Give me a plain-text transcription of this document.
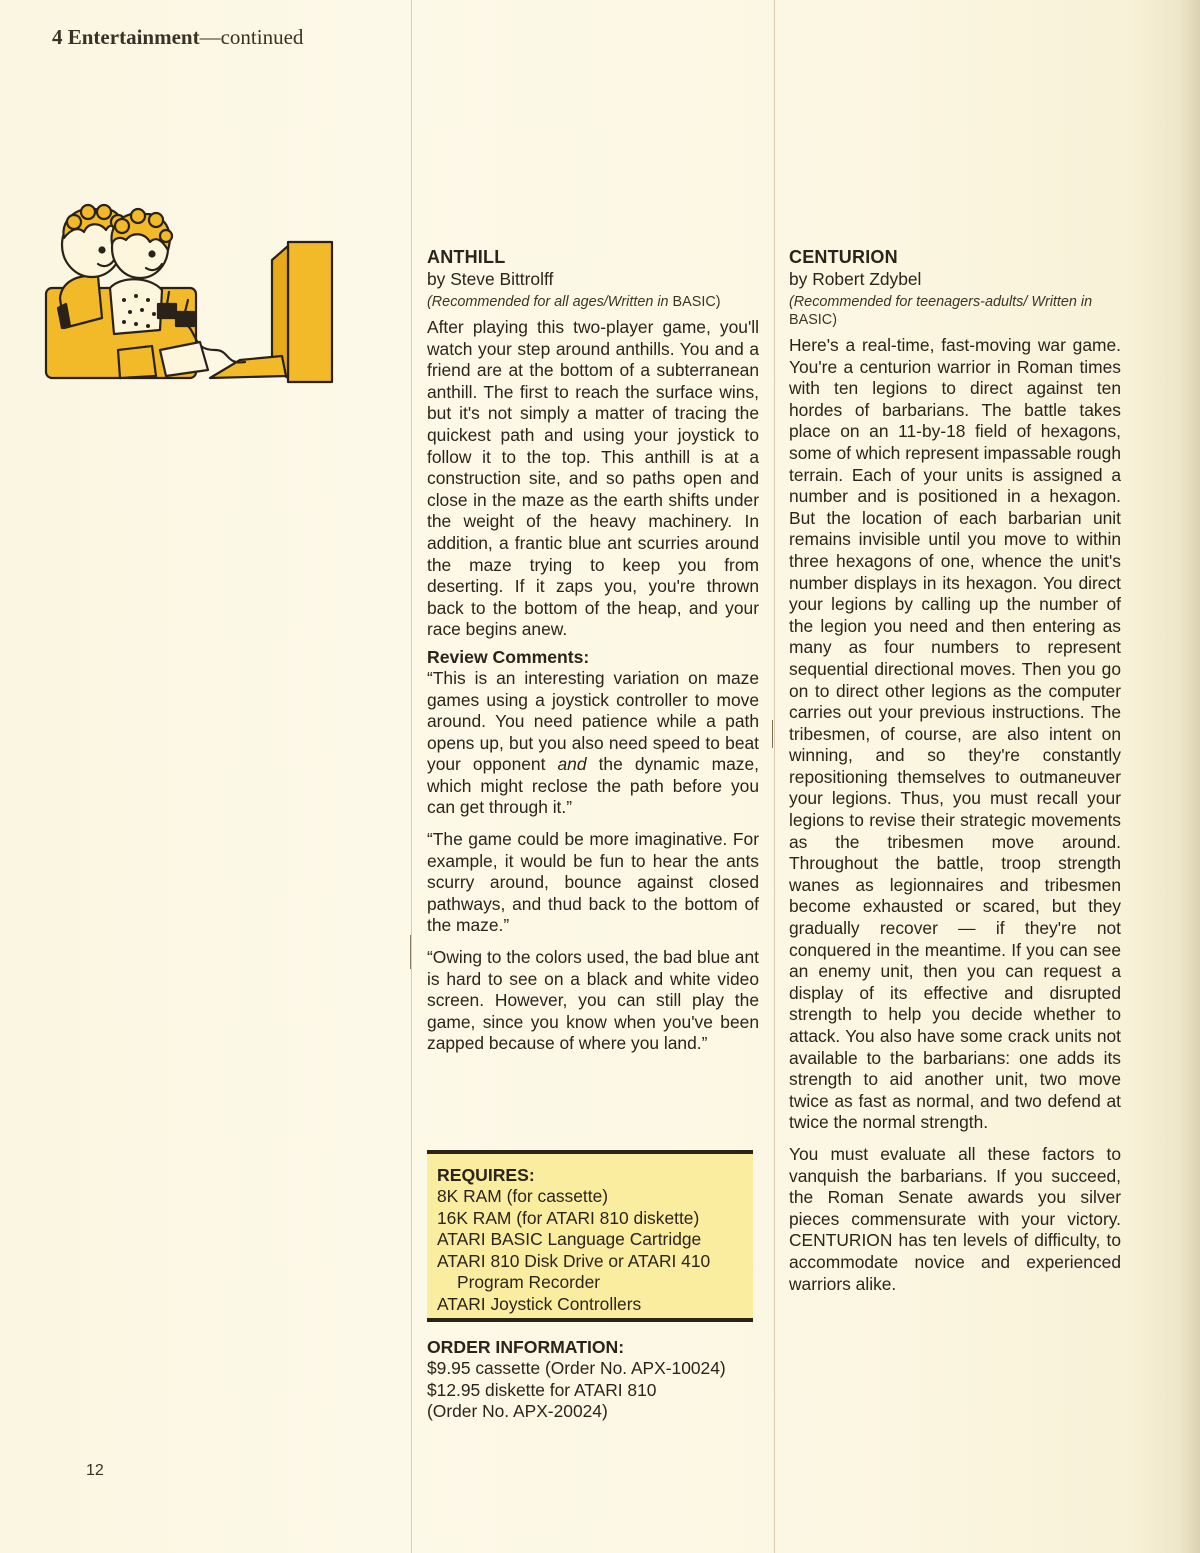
4 Entertainment—continued
ANTHILL
by Steve Bittrolff
(Recommended for all ages/Written in BASIC)

After playing this two-player game, you'll watch your step around anthills. You and a friend are at the bottom of a subterranean anthill. The first to reach the surface wins, but it's not simply a matter of tracing the quickest path and using your joystick to follow it to the top. This anthill is at a construction site, and so paths open and close in the maze as the earth shifts under the weight of the heavy machinery. In addition, a frantic blue ant scurries around the maze trying to keep you from deserting. If it zaps you, you're thrown back to the bottom of the heap, and your race begins anew.

Review Comments:

“This is an interesting variation on maze games using a joystick controller to move around. You need patience while a path opens up, but you also need speed to beat your opponent and the dynamic maze, which might reclose the path before you can get through it.”

“The game could be more imaginative. For example, it would be fun to hear the ants scurry around, bounce against closed pathways, and thud back to the bottom of the maze.”

“Owing to the colors used, the bad blue ant is hard to see on a black and white video screen. However, you can still play the game, since you know when you've been zapped because of where you land.”

REQUIRES:
8K RAM (for cassette)
16K RAM (for ATARI 810 diskette)
ATARI BASIC Language Cartridge
ATARI 810 Disk Drive or ATARI 410
Program Recorder
ATARI Joystick Controllers
ORDER INFORMATION:
$9.95 cassette (Order No. APX-10024)
$12.95 diskette for ATARI 810
(Order No. APX-20024)
CENTURION
by Robert Zdybel
(Recommended for teenagers-adults/ Written in BASIC)

Here's a real-time, fast-moving war game. You're a centurion warrior in Roman times with ten legions to direct against ten hordes of barbarians. The battle takes place on an 11-by-18 field of hexagons, some of which represent impassable rough terrain. Each of your units is assigned a number and is positioned in a hexagon. But the location of each barbarian unit remains invisible until you move to within three hexagons of one, whence the unit's number displays in its hexagon. You direct your legions by calling up the number of the legion you need and then entering as many as four numbers to represent sequential directional moves. Then you go on to direct other legions as the computer carries out your previous instructions. The tribesmen, of course, are also intent on winning, and so they're constantly repositioning themselves to outmaneuver your legions. Thus, you must recall your legions to revise their strategic movements as the tribesmen move around. Throughout the battle, troop strength wanes as legionnaires and tribesmen become exhausted or scared, but they gradually recover — if they're not conquered in the meantime. If you can see an enemy unit, then you can request a display of its effective and disrupted strength to help you decide whether to attack. You also have some crack units not available to the barbarians: one adds its strength to aid another unit, two move twice as fast as normal, and two defend at twice the normal strength.

You must evaluate all these factors to vanquish the barbarians. If you succeed, the Roman Senate awards you silver pieces commensurate with your victory. CENTURION has ten levels of difficulty, to accommodate novice and experienced warriors alike.

12
